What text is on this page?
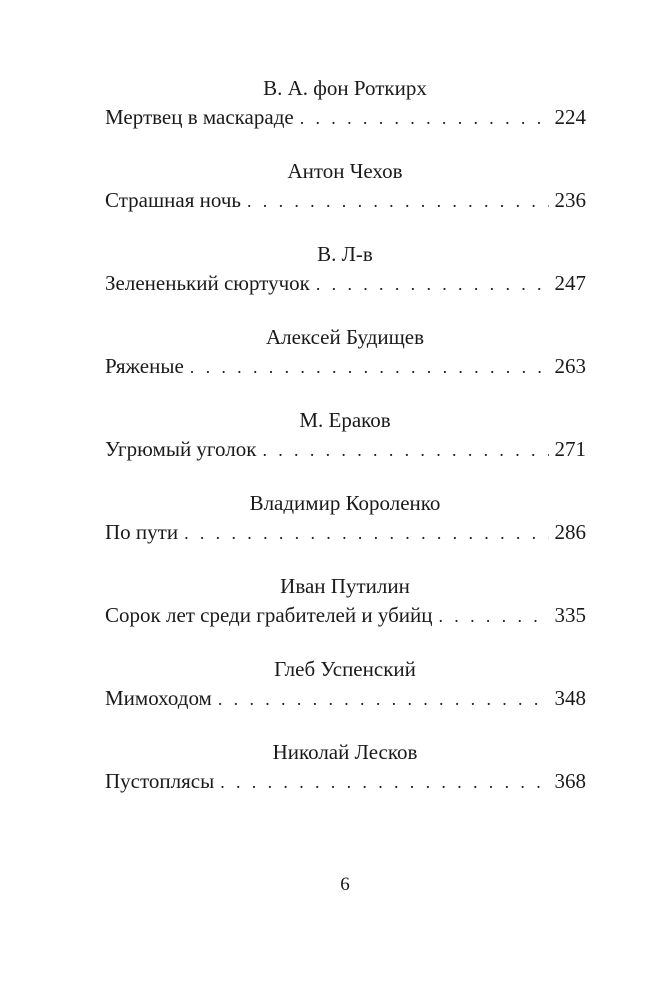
В. А. фон Роткирх
Мертвец в маскараде . . .	224
Антон Чехов
Страшная ночь . . .	236
В. Л-в
Зелененький сюртучок . . .	247
Алексей Будищев
Ряженые . . .	263
М. Ераков
Угрюмый уголок . . .	271
Владимир Короленко
По пути . . .	286
Иван Путилин
Сорок лет среди грабителей и убийц . . .	335
Глеб Успенский
Мимоходом . . .	348
Николай Лесков
Пустоплясы . . .	368
6
